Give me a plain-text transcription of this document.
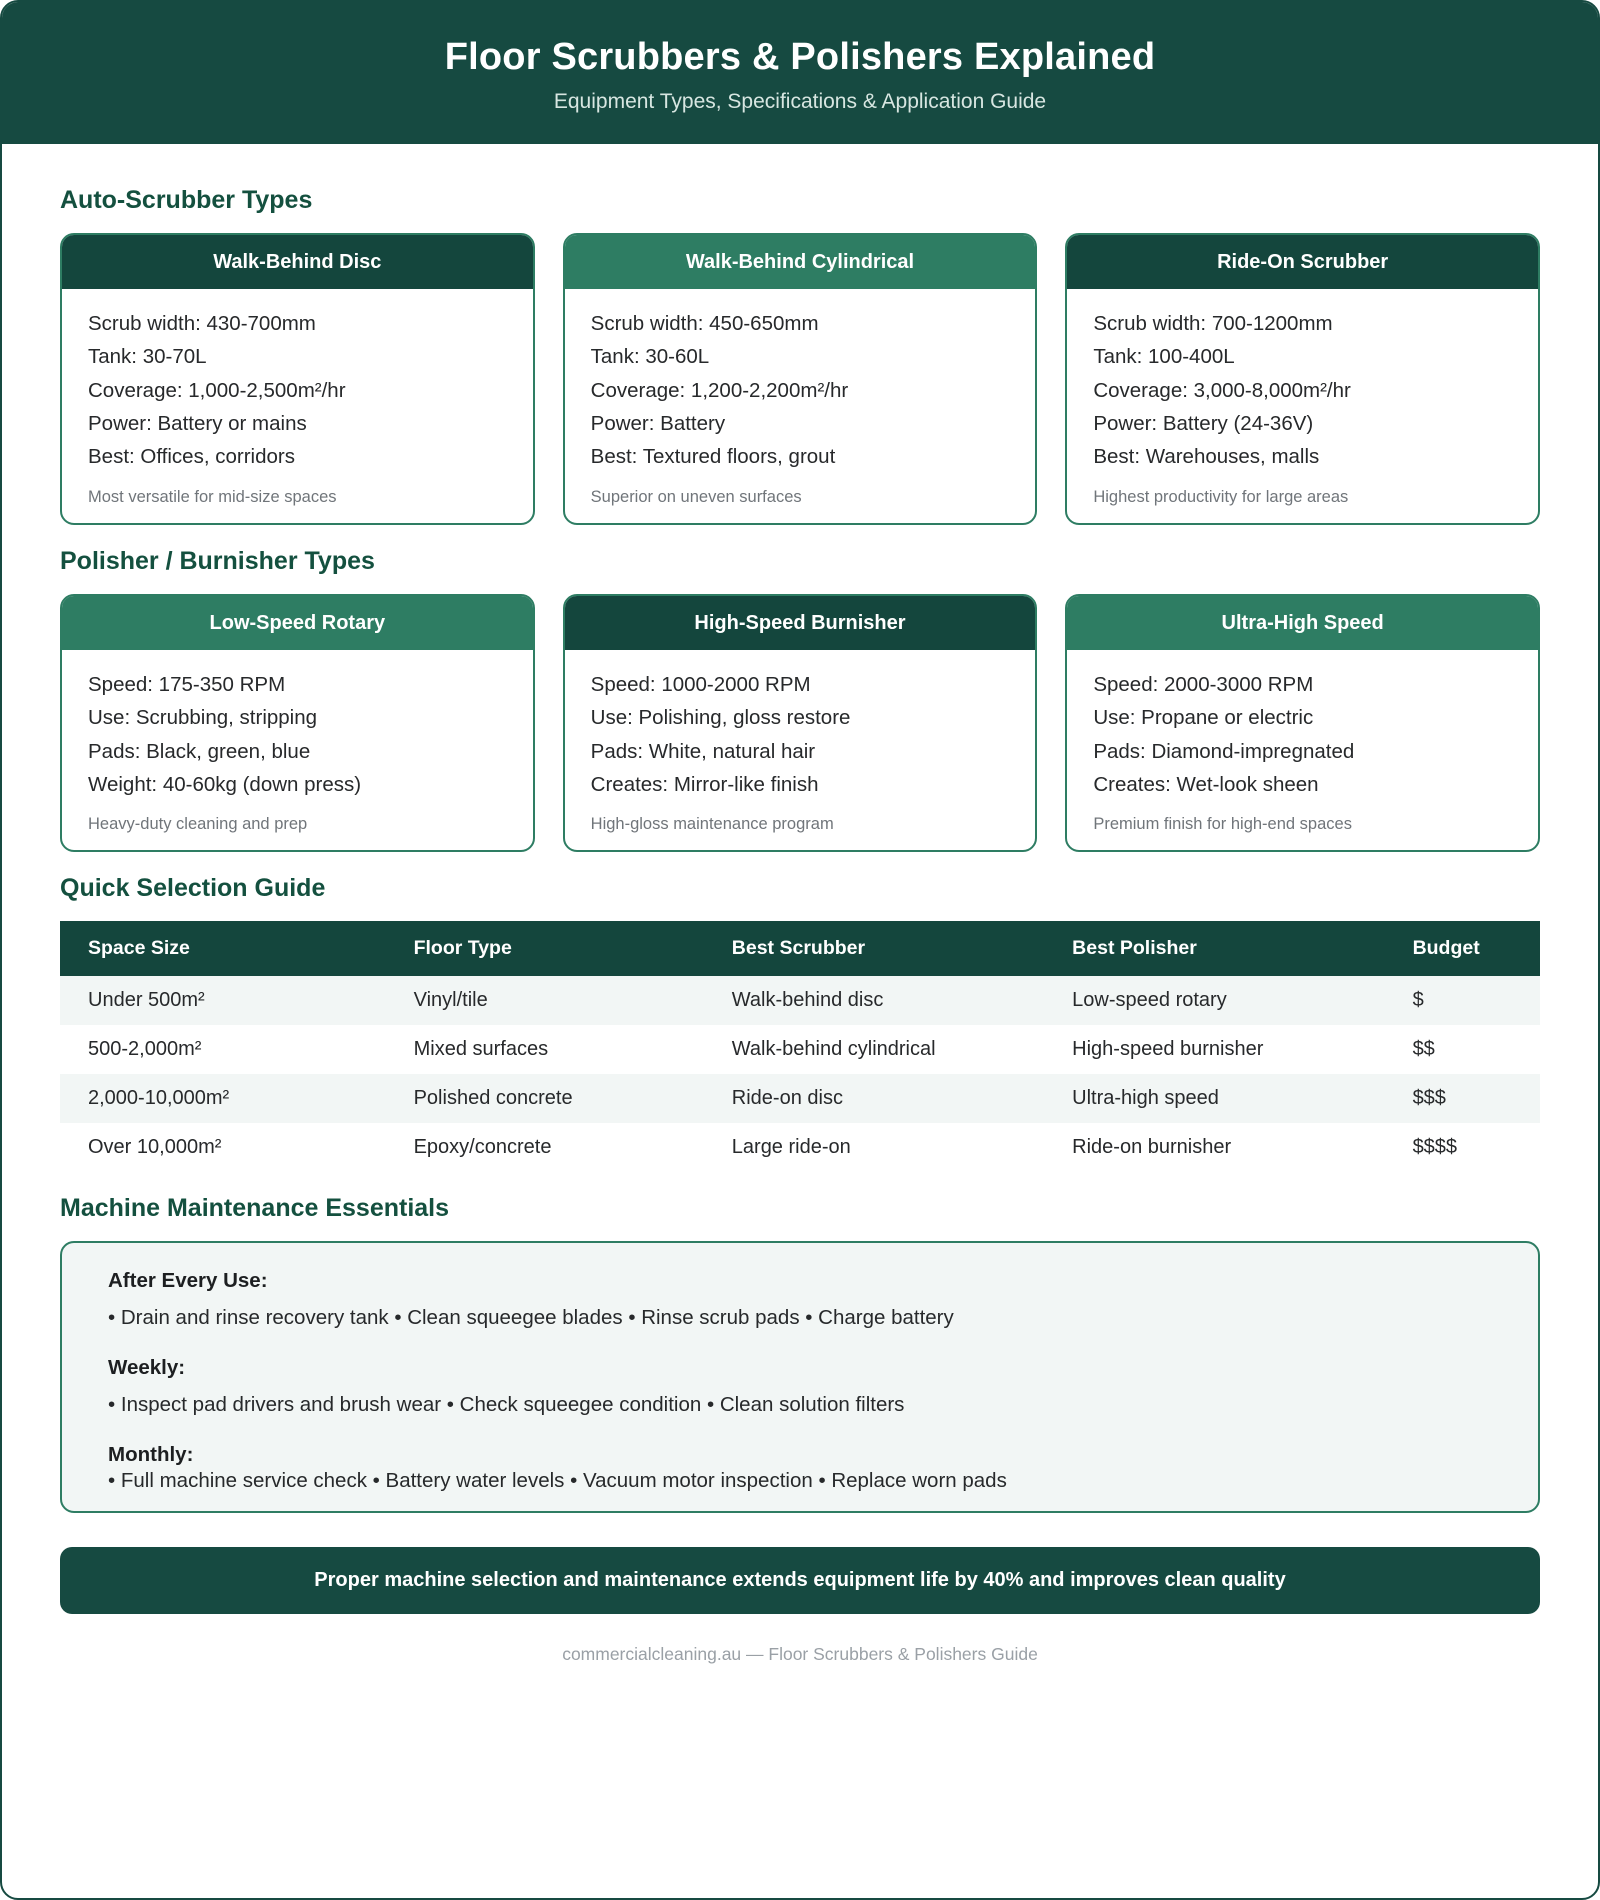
Floor Scrubbers & Polishers Explained
Equipment Types, Specifications & Application Guide
Auto-Scrubber Types
Walk-Behind Disc
Scrub width: 430-700mm
Tank: 30-70L
Coverage: 1,000-2,500m²/hr
Power: Battery or mains
Best: Offices, corridors
Most versatile for mid-size spaces
Walk-Behind Cylindrical
Scrub width: 450-650mm
Tank: 30-60L
Coverage: 1,200-2,200m²/hr
Power: Battery
Best: Textured floors, grout
Superior on uneven surfaces
Ride-On Scrubber
Scrub width: 700-1200mm
Tank: 100-400L
Coverage: 3,000-8,000m²/hr
Power: Battery (24-36V)
Best: Warehouses, malls
Highest productivity for large areas
Polisher / Burnisher Types
Low-Speed Rotary
Speed: 175-350 RPM
Use: Scrubbing, stripping
Pads: Black, green, blue
Weight: 40-60kg (down press)
Heavy-duty cleaning and prep
High-Speed Burnisher
Speed: 1000-2000 RPM
Use: Polishing, gloss restore
Pads: White, natural hair
Creates: Mirror-like finish
High-gloss maintenance program
Ultra-High Speed
Speed: 2000-3000 RPM
Use: Propane or electric
Pads: Diamond-impregnated
Creates: Wet-look sheen
Premium finish for high-end spaces
Quick Selection Guide
Space Size	Floor Type	Best Scrubber	Best Polisher	Budget
Under 500m²	Vinyl/tile	Walk-behind disc	Low-speed rotary	$
500-2,000m²	Mixed surfaces	Walk-behind cylindrical	High-speed burnisher	$$
2,000-10,000m²	Polished concrete	Ride-on disc	Ultra-high speed	$$$
Over 10,000m²	Epoxy/concrete	Large ride-on	Ride-on burnisher	$$$$
Machine Maintenance Essentials
After Every Use:
• Drain and rinse recovery tank • Clean squeegee blades • Rinse scrub pads • Charge battery
Weekly:
• Inspect pad drivers and brush wear • Check squeegee condition • Clean solution filters
Monthly:
• Full machine service check • Battery water levels • Vacuum motor inspection • Replace worn pads
Proper machine selection and maintenance extends equipment life by 40% and improves clean quality
commercialcleaning.au — Floor Scrubbers & Polishers Guide
